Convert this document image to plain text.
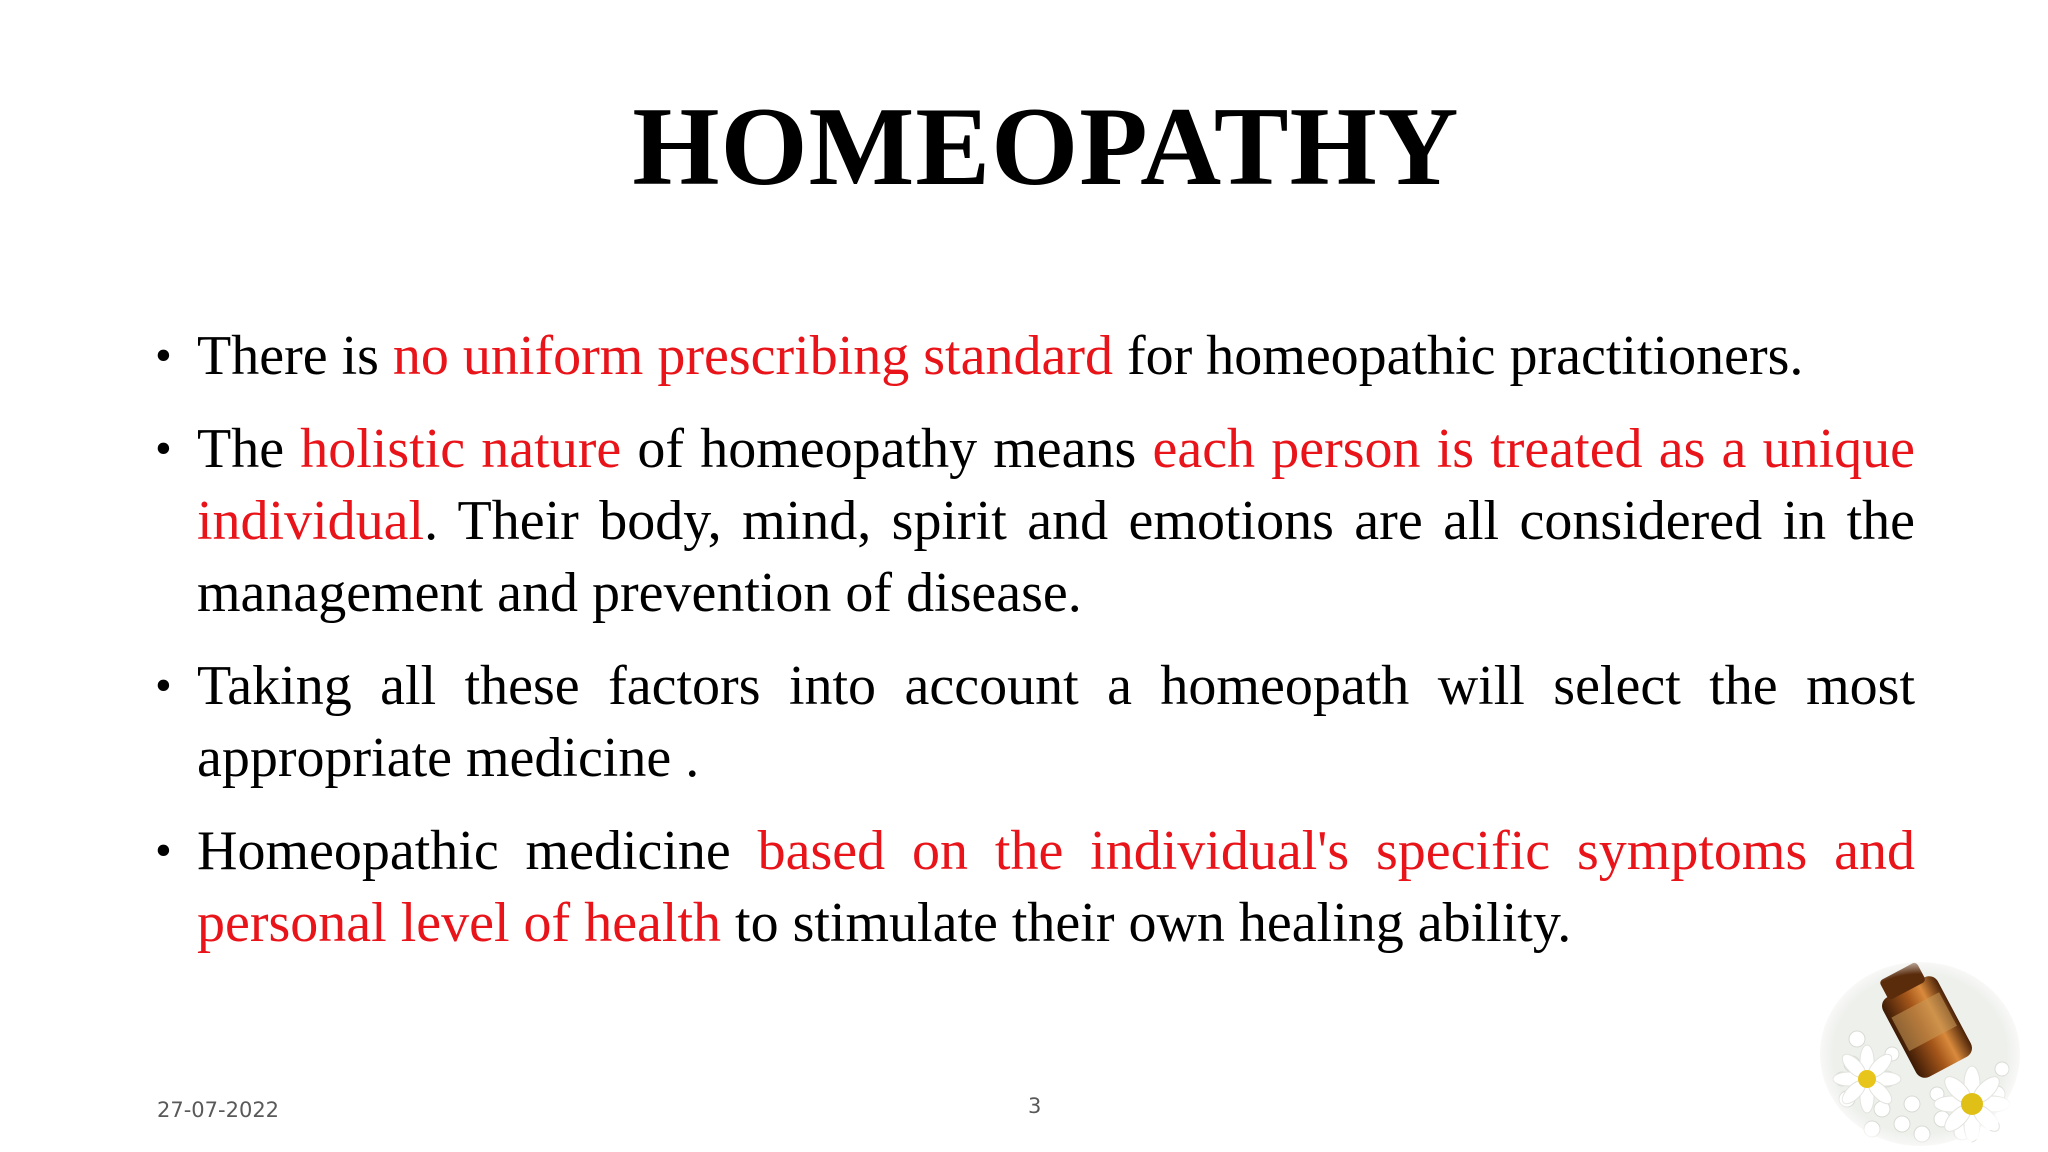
HOMEOPATHY
• There is no uniform prescribing standard for homeopathic practitioners.
• The holistic nature of homeopathy means each person is treated as a unique individual. Their body, mind, spirit and emotions are all considered in the management and prevention of disease.
• Taking all these factors into account a homeopath will select the most appropriate medicine .
• Homeopathic medicine based on the individual's specific symptoms and personal level of health to stimulate their own healing ability.
27-07-2022	3
